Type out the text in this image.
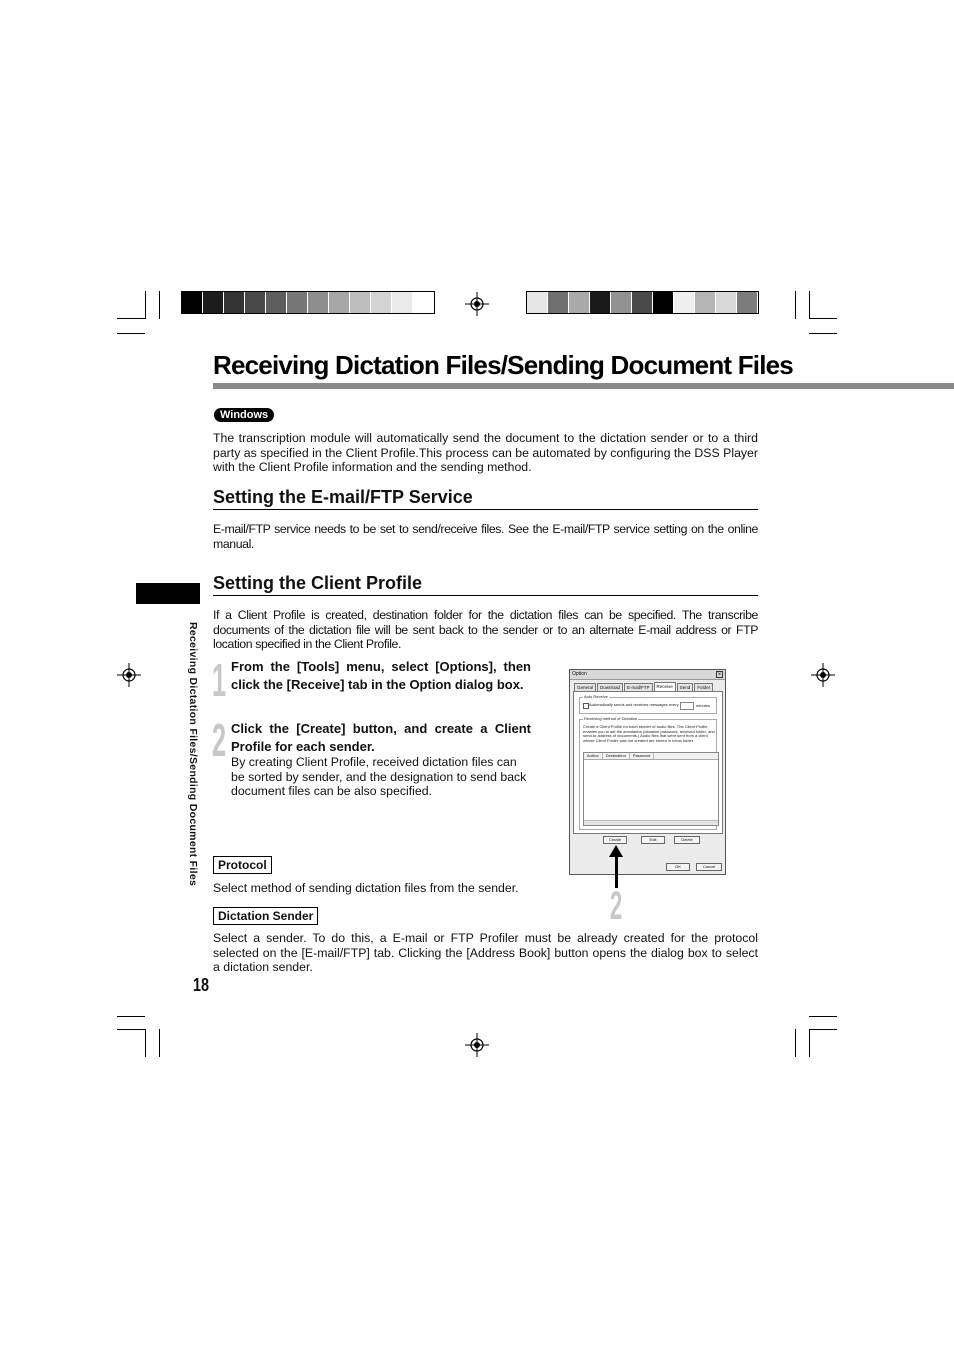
Receiving Dictation Files/Sending Document Files
Windows
The transcription module will automatically send the document to the dictation sender or to a third party as specified in the Client Profile.This process can be automated by configuring the DSS Player with the Client Profile information and the sending method.
Setting the E-mail/FTP Service
E-mail/FTP service needs to be set to send/receive files. See the E-mail/FTP service setting on the online manual.
Receiving Dictation Files/Sending Document Files
Setting the Client Profile
If a Client Profile is created, destination folder for the dictation files can be specified. The transcribe documents of the dictation file will be sent back to the sender or to an alternate E-mail address or FTP location specified in the Client Profile.
1 From the [Tools] menu, select [Options], then click the [Receive] tab in the Option dialog box.
2 Click the [Create] button, and create a Client Profile for each sender.
By creating Client Profile, received dictation files can be sorted by sender, and the designation to send back document files can be also specified.
Option	×
General	Download	E-mail/FTP	Receive	Send	Folder
Auto Receive
Automatically sends and receives messages every	minutes
Receiving method of Dictation
Create a Client Profile for each sender of audio files. The Client Profile enables you to set the annotation (dictation password, received folder, and send-to address of documents.) Audio files that were sent from a client whose Client Folder was not created are stored in Inbox folder.
Author	Destination	Password
Create	Edit	Delete
OK	Cancel
2
Protocol
Select method of sending dictation files from the sender.
Dictation Sender
Select a sender. To do this, a E-mail or FTP Profiler must be already created for the protocol selected on the [E-mail/FTP] tab. Clicking the [Address Book] button opens the dialog box to select a dictation sender.
18
